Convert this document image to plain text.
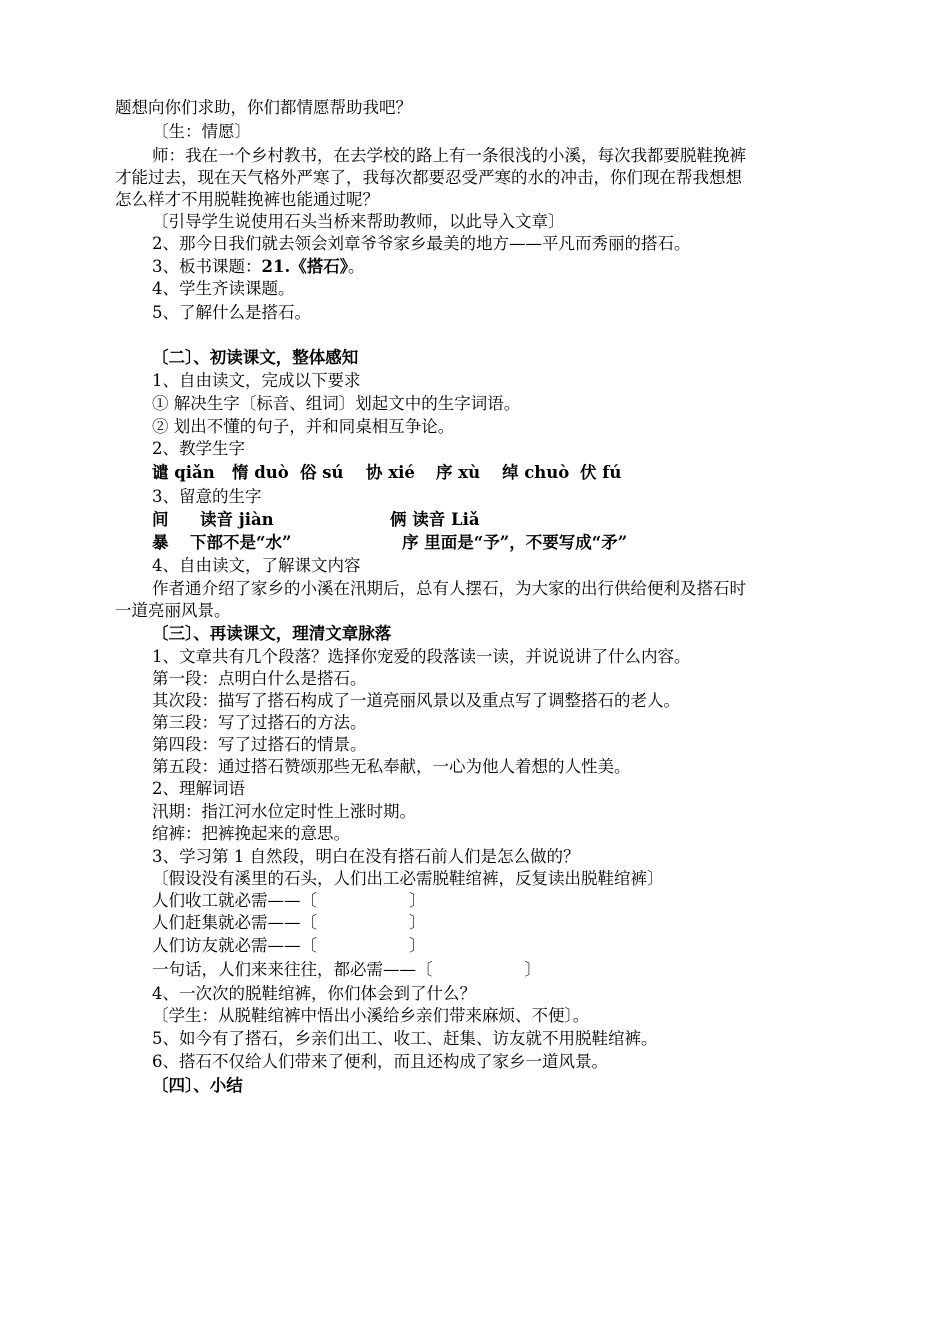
题想向你们求助，你们都情愿帮助我吧？
〔生：情愿〕
师：我在一个乡村教书，在去学校的路上有一条很浅的小溪，每次我都要脱鞋挽裤
才能过去，现在天气格外严寒了，我每次都要忍受严寒的水的冲击，你们现在帮我想想
怎么样才不用脱鞋挽裤也能通过呢？
〔引导学生说使用石头当桥来帮助教师，以此导入文章〕
2、那今日我们就去领会刘章爷爷家乡最美的地方——平凡而秀丽的搭石。
3、板书课题：21.《搭石》。
4、学生齐读课题。
5、了解什么是搭石。
〔二〕、初读课文，整体感知
1、自由读文，完成以下要求
① 解决生字〔标音、组词〕划起文中的生字词语。
② 划出不懂的句子，并和同桌相互争论。
2、教学生字
谴 qiǎn 惰 duò 俗 sú 协 xié 序 xù 绰 chuò 伏 fú
3、留意的生字
间 读音 jiàn	俩 读音 Liǎ
暴 下部不是“水”	序 里面是“予”，不要写成“矛”
4、自由读文，了解课文内容
作者通介绍了家乡的小溪在汛期后，总有人摆石，为大家的出行供给便利及搭石时
一道亮丽风景。
〔三〕、再读课文，理清文章脉落
1、文章共有几个段落？选择你宠爱的段落读一读，并说说讲了什么内容。
第一段：点明白什么是搭石。
其次段：描写了搭石构成了一道亮丽风景以及重点写了调整搭石的老人。
第三段：写了过搭石的方法。
第四段：写了过搭石的情景。
第五段：通过搭石赞颂那些无私奉献，一心为他人着想的人性美。
2、理解词语
汛期：指江河水位定时性上涨时期。
绾裤：把裤挽起来的意思。
3、学习第 1 自然段，明白在没有搭石前人们是怎么做的？
〔假设没有溪里的石头，人们出工必需脱鞋绾裤，反复读出脱鞋绾裤〕
人们收工就必需——〔	〕
人们赶集就必需——〔	〕
人们访友就必需——〔	〕
一句话，人们来来往往，都必需——〔	〕
4、一次次的脱鞋绾裤，你们体会到了什么？
〔学生：从脱鞋绾裤中悟出小溪给乡亲们带来麻烦、不便〕。
5、如今有了搭石，乡亲们出工、收工、赶集、访友就不用脱鞋绾裤。
6、搭石不仅给人们带来了便利，而且还构成了家乡一道风景。
〔四〕、小结
